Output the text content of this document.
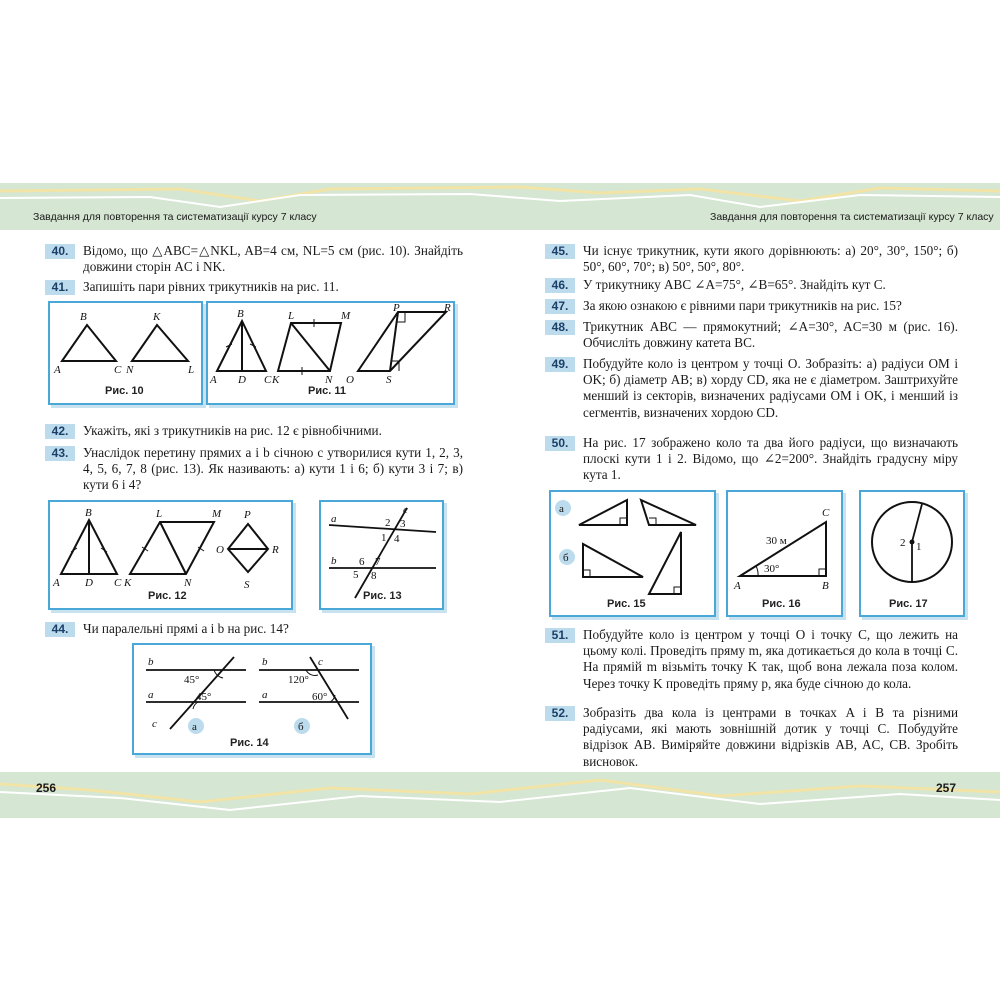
Завдання для повторення та систематизації курсу 7 класу	Завдання для повторення та систематизації курсу 7 класу
256	257
40.	Відомо, що △ABC=△NKL, AB=4 см, NL=5 см (рис. 10). Знайдіть довжини сторін AC і NK.
41.	Запишіть пари рівних трикутників на рис. 11.
B
A	C
K
N	L
Рис. 10
B
A D C
L	M
K	N
P	R
O	S
Рис. 11
42.	Укажіть, які з трикутників на рис. 12 є рівнобічними.
43.	Унаслідок перетину прямих a і b січною c утворилися кути 1, 2, 3, 4, 5, 6, 7, 8 (рис. 13). Як називають: а) кути 1 і 6; б) кути 3 і 7; в) кути 6 і 4?
B
A D C
L	M
K	N
P
O	R
S
Рис. 12
a
b
c
1
2 3
4
5
6 7
8
Рис. 13
44.	Чи паралельні прямі a і b на рис. 14?
b
a
c
45°
45°
b
a
c
120°
60°
а	б
Рис. 14
45.	Чи існує трикутник, кути якого дорівнюють: а) 20°, 30°, 150°; б) 50°, 60°, 70°; в) 50°, 50°, 80°.
46.	У трикутнику ABC ∠A=75°, ∠B=65°. Знайдіть кут C.
47.	За якою ознакою є рівними пари трикутників на рис. 15?
48.	Трикутник ABC — прямокутний; ∠A=30°, AC=30 м (рис. 16). Обчисліть довжину катета BC.
49.	Побудуйте коло із центром у точці O. Зобразіть: а) радіуси OM і OK; б) діаметр AB; в) хорду CD, яка не є діаметром. Заштрихуйте менший із секторів, визначених радіусами OM і OK, і менший із сегментів, визначених хордою CD.
50.	На рис. 17 зображено коло та два його радіуси, що визначають плоскі кути 1 і 2. Відомо, що ∠2=200°. Знайдіть градусну міру кута 1.
а
б
Рис. 15
C
30 м
A
30°
B
Рис. 16
2 1
Рис. 17
51.	Побудуйте коло із центром у точці O і точку C, що лежить на цьому колі. Проведіть пряму m, яка дотикається до кола в точці C. На прямій m візьміть точку K так, щоб вона лежала поза колом. Через точку K проведіть пряму p, яка буде січною до кола.
52.	Зобразіть два кола із центрами в точках A і B та різними радіусами, які мають зовнішній дотик у точці C. Побудуйте відрізок AB. Виміряйте довжини відрізків AB, AC, CB. Зробіть висновок.
